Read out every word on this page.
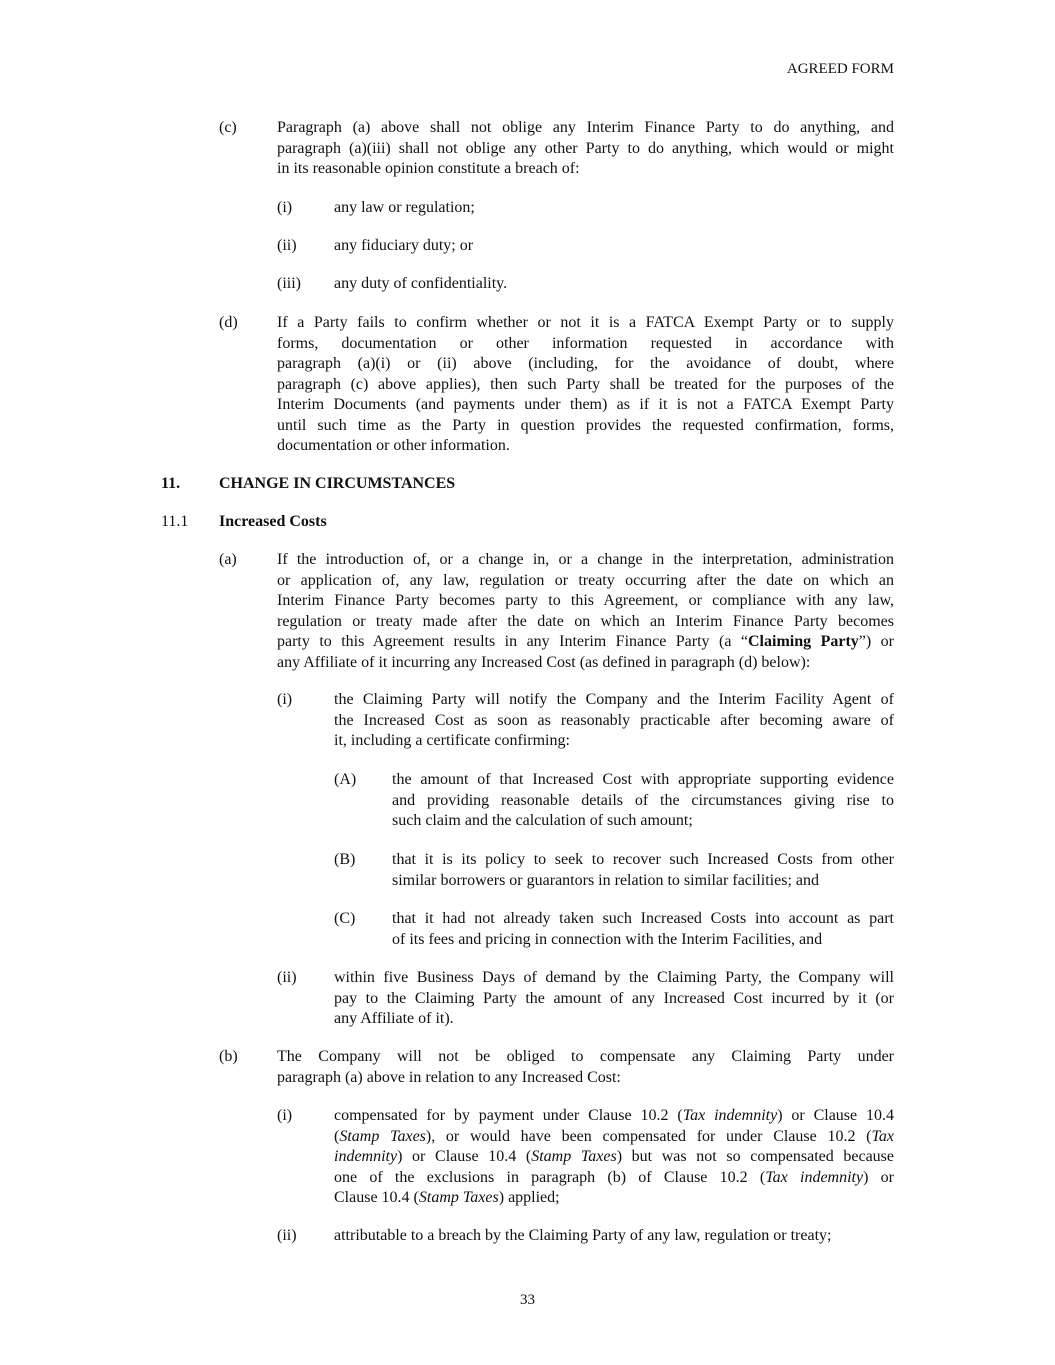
AGREED FORM
(c)	Paragraph (a) above shall not oblige any Interim Finance Party to do anything, and
paragraph (a)(iii) shall not oblige any other Party to do anything, which would or might
in its reasonable opinion constitute a breach of:
(i)	any law or regulation;
(ii) any fiduciary duty; or
(iii) any duty of confidentiality.
(d) If a Party fails to confirm whether or not it is a FATCA Exempt Party or to supply
forms, documentation or other information requested in accordance with
paragraph (a)(i) or (ii) above (including, for the avoidance of doubt, where
paragraph (c) above applies), then such Party shall be treated for the purposes of the
Interim Documents (and payments under them) as if it is not a FATCA Exempt Party
until such time as the Party in question provides the requested confirmation, forms,
documentation or other information.
11. CHANGE IN CIRCUMSTANCES
11.1 Increased Costs
(a)	If the introduction of, or a change in, or a change in the interpretation, administration
or application of, any law, regulation or treaty occurring after the date on which an
Interim Finance Party becomes party to this Agreement, or compliance with any law,
regulation or treaty made after the date on which an Interim Finance Party becomes
party to this Agreement results in any Interim Finance Party (a “Claiming Party”) or
any Affiliate of it incurring any Increased Cost (as defined in paragraph (d) below):
(i)	the Claiming Party will notify the Company and the Interim Facility Agent of
the Increased Cost as soon as reasonably practicable after becoming aware of
it, including a certificate confirming:
(A) the amount of that Increased Cost with appropriate supporting evidence
and providing reasonable details of the circumstances giving rise to
such claim and the calculation of such amount;
(B) that it is its policy to seek to recover such Increased Costs from other
similar borrowers or guarantors in relation to similar facilities; and
(C) that it had not already taken such Increased Costs into account as part
of its fees and pricing in connection with the Interim Facilities, and
(ii) within five Business Days of demand by the Claiming Party, the Company will
pay to the Claiming Party the amount of any Increased Cost incurred by it (or
any Affiliate of it).
(b) The Company will not be obliged to compensate any Claiming Party under
paragraph (a) above in relation to any Increased Cost:
(i)	compensated for by payment under Clause 10.2 (Tax indemnity) or Clause 10.4
(Stamp Taxes), or would have been compensated for under Clause 10.2 (Tax
indemnity) or Clause 10.4 (Stamp Taxes) but was not so compensated because
one of the exclusions in paragraph (b) of Clause 10.2 (Tax indemnity) or
Clause 10.4 (Stamp Taxes) applied;
(ii) attributable to a breach by the Claiming Party of any law, regulation or treaty;
33
